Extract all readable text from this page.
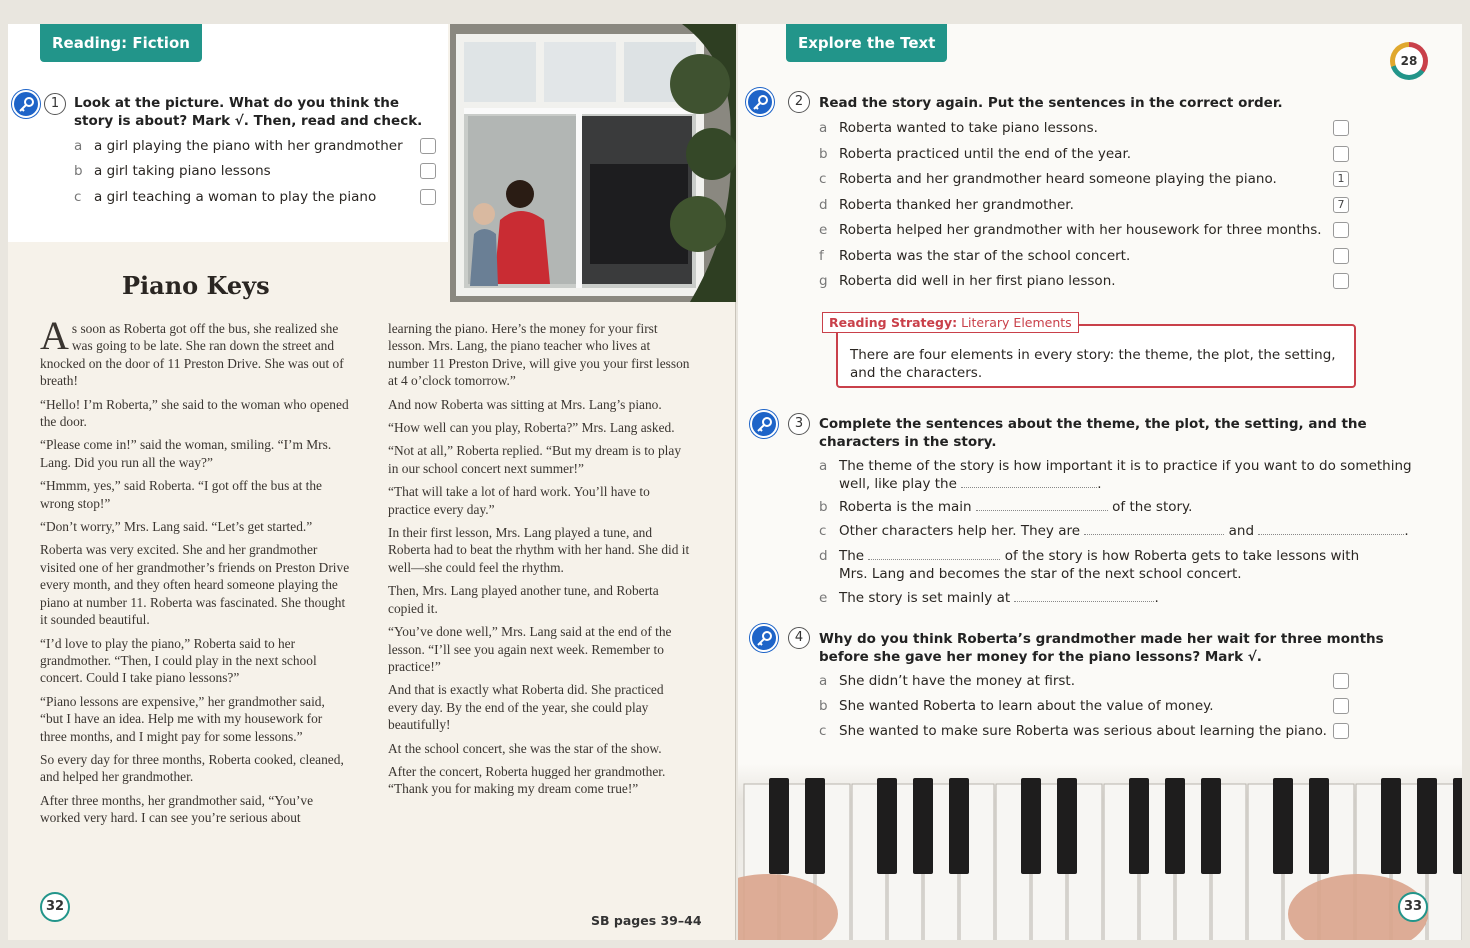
Reading: Fiction
1	Look at the picture. What do you think the story is about? Mark √. Then, read and check.
a a girl playing the piano with her grandmother
b a girl taking piano lessons
c a girl teaching a woman to play the piano
Piano Keys

As soon as Roberta got off the bus, she realized she was going to be late. She ran down the street and knocked on the door of 11 Preston Drive. She was out of breath!

“Hello! I’m Roberta,” she said to the woman who opened the door.

“Please come in!” said the woman, smiling. “I’m Mrs. Lang. Did you run all the way?”

“Hmmm, yes,” said Roberta. “I got off the bus at the wrong stop!”

“Don’t worry,” Mrs. Lang said. “Let’s get started.”

Roberta was very excited. She and her grandmother visited one of her grandmother’s friends on Preston Drive every month, and they often heard someone playing the piano at number 11. Roberta was fascinated. She thought it sounded beautiful.

“I’d love to play the piano,” Roberta said to her grandmother. “Then, I could play in the next school concert. Could I take piano lessons?”

“Piano lessons are expensive,” her grandmother said, “but I have an idea. Help me with my housework for three months, and I might pay for some lessons.”

So every day for three months, Roberta cooked, cleaned, and helped her grandmother.

After three months, her grandmother said, “You’ve worked very hard. I can see you’re serious about

learning the piano. Here’s the money for your first lesson. Mrs. Lang, the piano teacher who lives at number 11 Preston Drive, will give you your first lesson at 4 o’clock tomorrow.”

And now Roberta was sitting at Mrs. Lang’s piano.

“How well can you play, Roberta?” Mrs. Lang asked.

“Not at all,” Roberta replied. “But my dream is to play in our school concert next summer!”

“That will take a lot of hard work. You’ll have to practice every day.”

In their first lesson, Mrs. Lang played a tune, and Roberta had to beat the rhythm with her hand. She did it well—she could feel the rhythm.

Then, Mrs. Lang played another tune, and Roberta copied it.

“You’ve done well,” Mrs. Lang said at the end of the lesson. “I’ll see you again next week. Remember to practice!”

And that is exactly what Roberta did. She practiced every day. By the end of the year, she could play beautifully!

At the school concert, she was the star of the show.

After the concert, Roberta hugged her grandmother. “Thank you for making my dream come true!”

32
SB pages 39–44
Explore the Text
28
2	Read the story again. Put the sentences in the correct order.
a Roberta wanted to take piano lessons.
b Roberta practiced until the end of the year.
c Roberta and her grandmother heard someone playing the piano.	1
d Roberta thanked her grandmother.	7
e Roberta helped her grandmother with her housework for three months.
f Roberta was the star of the school concert.
g Roberta did well in her first piano lesson.
Reading Strategy: Literary Elements
There are four elements in every story: the theme, the plot, the setting, and the characters.
3	Complete the sentences about the theme, the plot, the setting, and the characters in the story.
a The theme of the story is how important it is to practice if you want to do something well, like play the	.
b Roberta is the main	of the story.
c Other characters help her. They are	and	.
d The	of the story is how Roberta gets to take lessons with Mrs. Lang and becomes the star of the next school concert.
e The story is set mainly at	.
4	Why do you think Roberta’s grandmother made her wait for three months before she gave her money for the piano lessons? Mark √.
a She didn’t have the money at first.
b She wanted Roberta to learn about the value of money.
c She wanted to make sure Roberta was serious about learning the piano.
33
